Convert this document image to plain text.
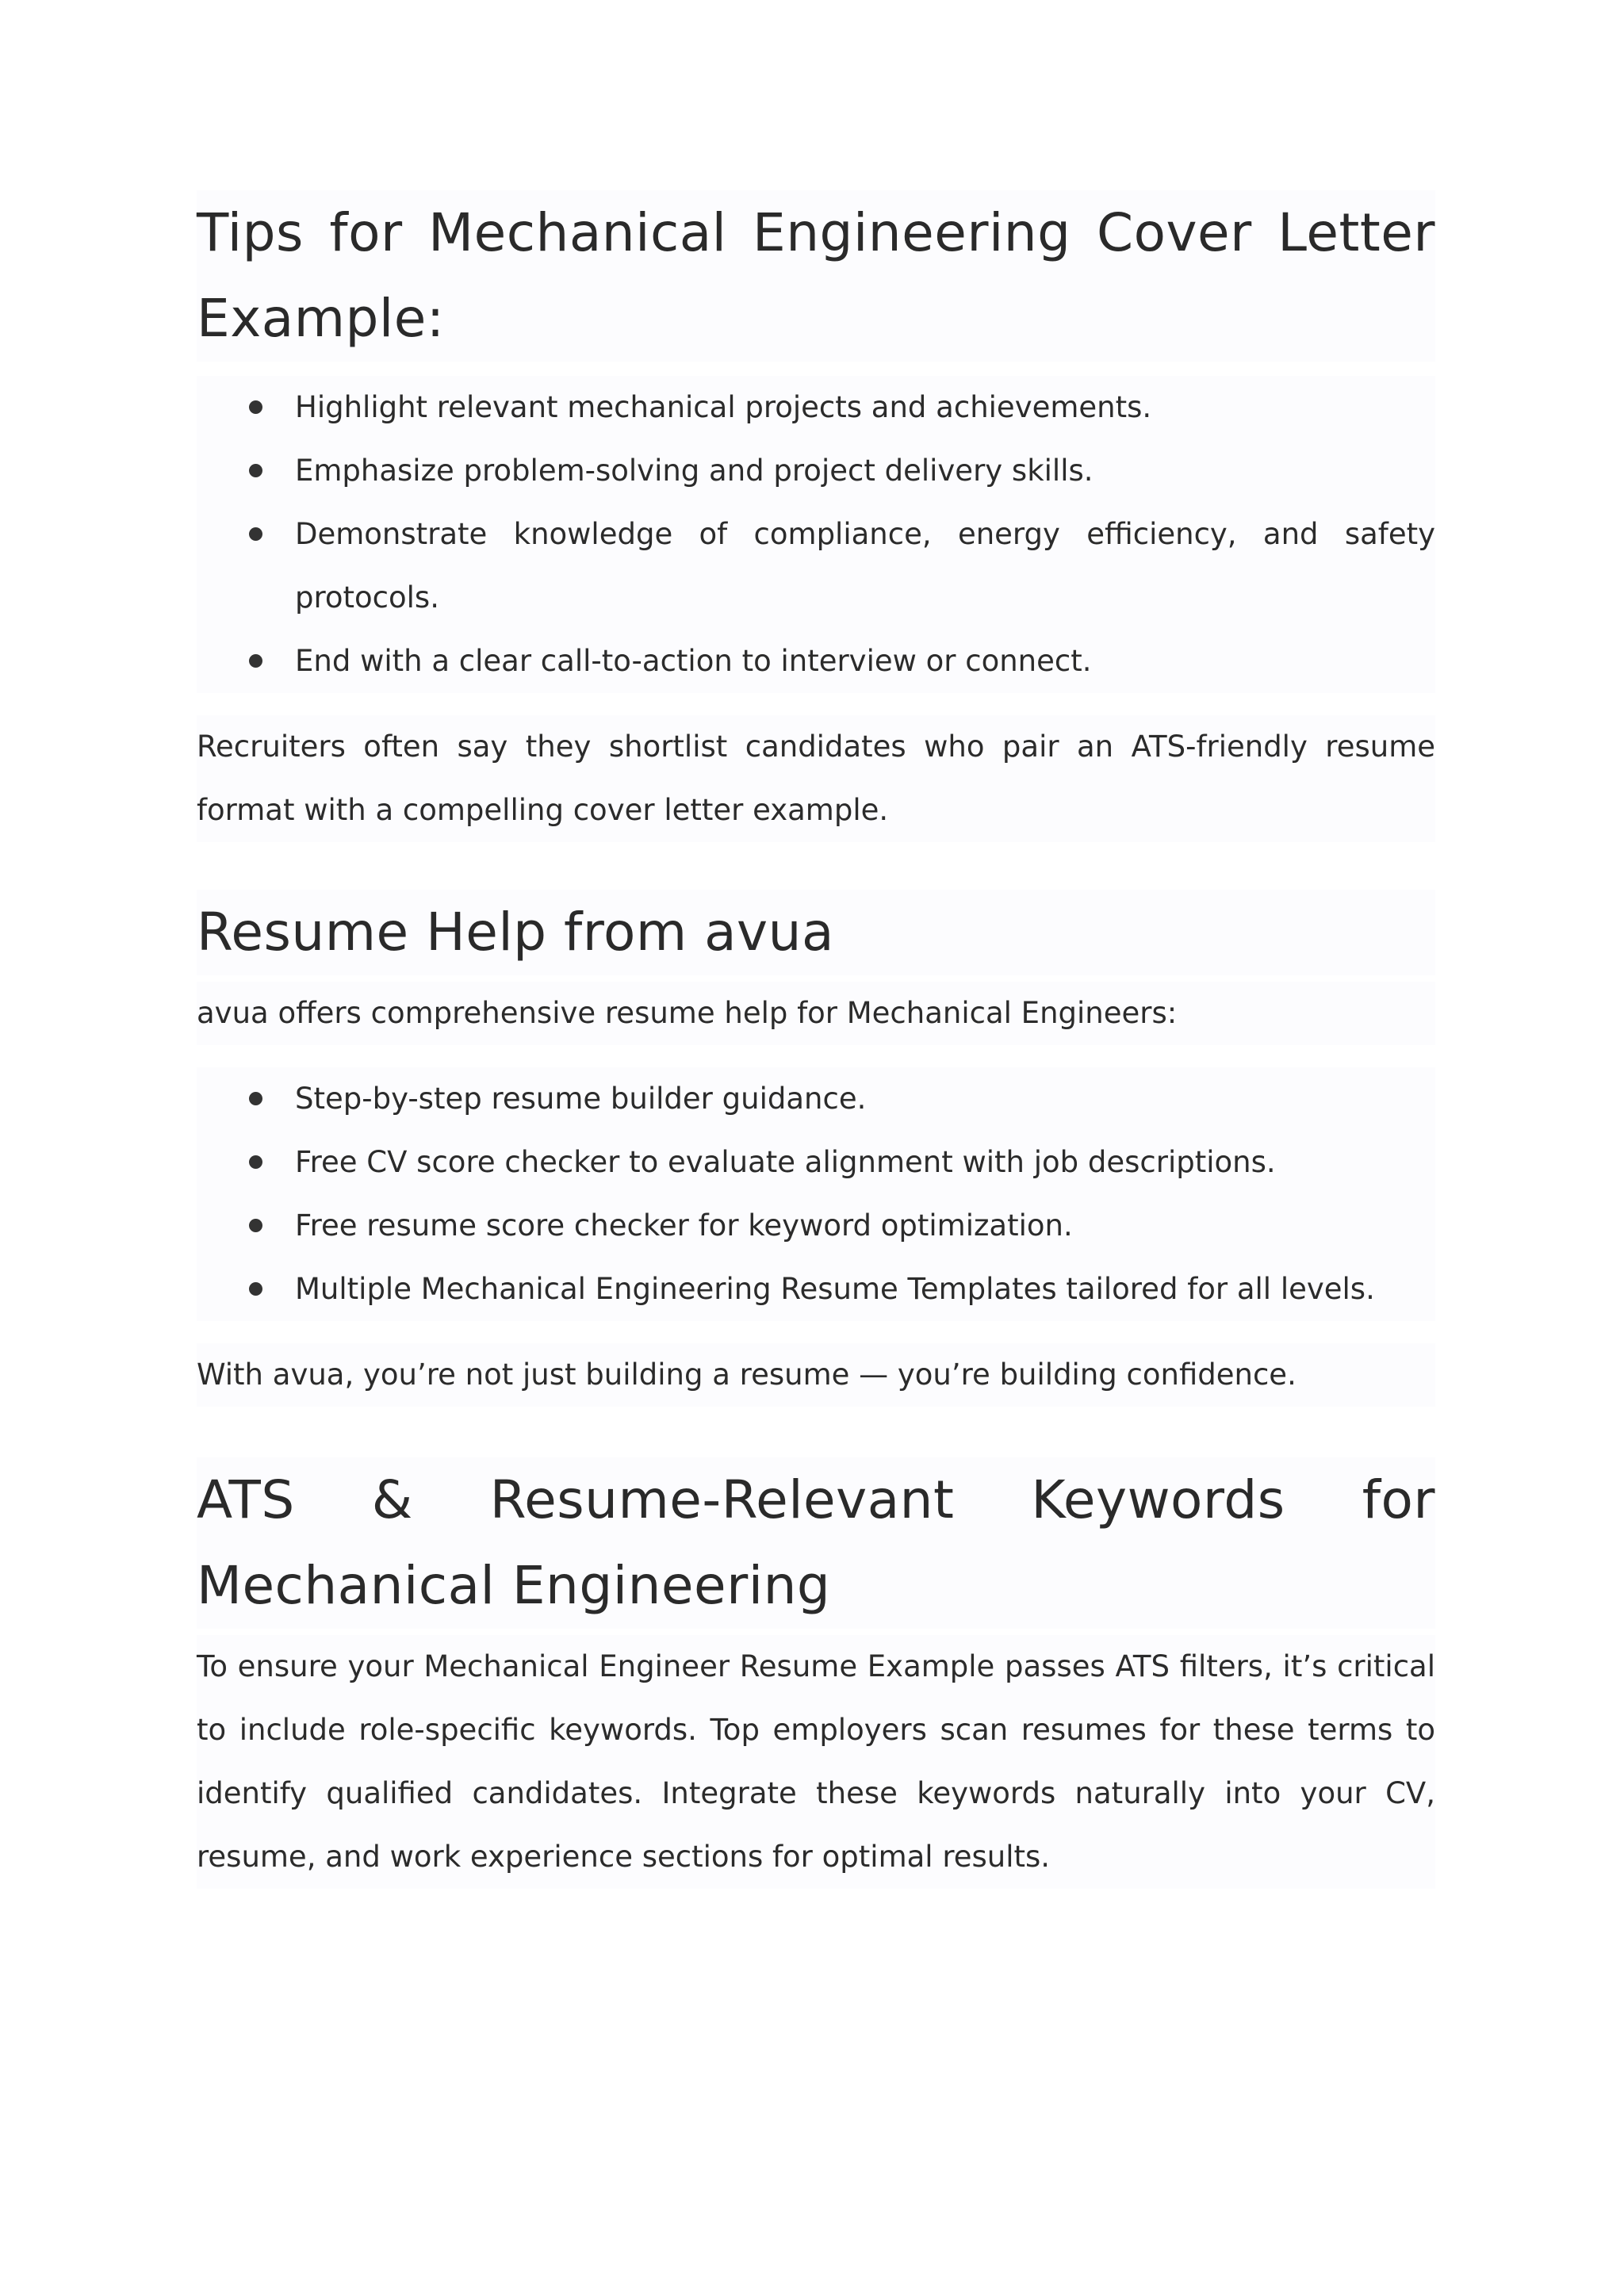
Tips for Mechanical Engineering Cover Letter Example:
Highlight relevant mechanical projects and achievements.
Emphasize problem-solving and project delivery skills.
Demonstrate knowledge of compliance, energy efficiency, and safety protocols.
End with a clear call-to-action to interview or connect.

Recruiters often say they shortlist candidates who pair an ATS-friendly resume format with a compelling cover letter example.

Resume Help from avua

avua offers comprehensive resume help for Mechanical Engineers:

Step-by-step resume builder guidance.
Free CV score checker to evaluate alignment with job descriptions.
Free resume score checker for keyword optimization.
Multiple Mechanical Engineering Resume Templates tailored for all levels.

With avua, you’re not just building a resume — you’re building confidence.

ATS & Resume-Relevant Keywords for Mechanical Engineering

To ensure your Mechanical Engineer Resume Example passes ATS filters, it’s critical to include role-specific keywords. Top employers scan resumes for these terms to identify qualified candidates. Integrate these keywords naturally into your CV, resume, and work experience sections for optimal results.
